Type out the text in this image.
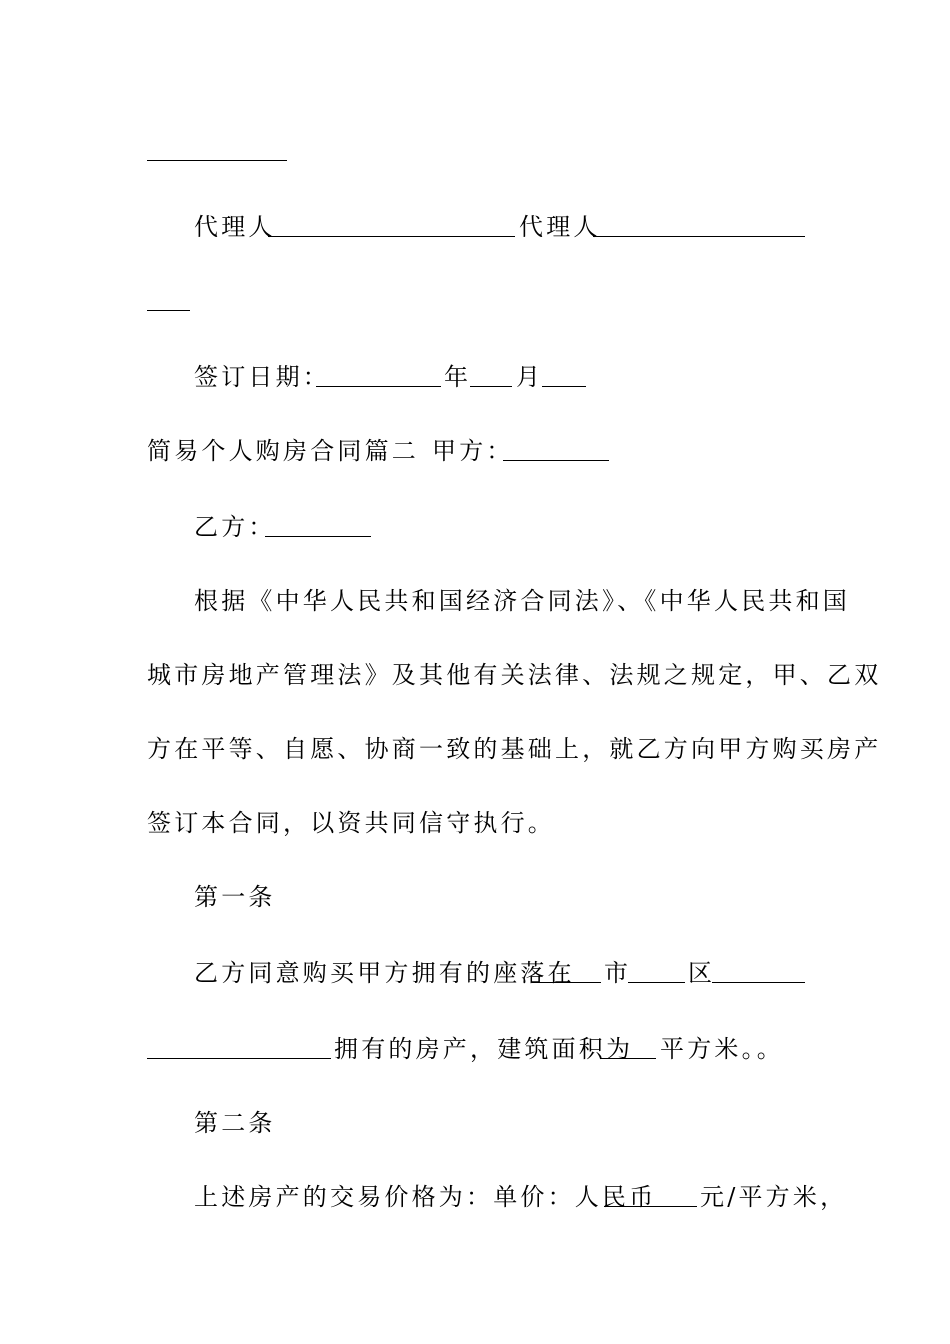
代理人	代理人
签订日期：	年 月
简易个人购房合同篇二 甲方：
乙方：
根据《中华人民共和国经济合同法》、《中华人民共和国
城市房地产管理法》及其他有关法律、法规之规定，甲、乙双
方在平等、自愿、协商一致的基础上，就乙方向甲方购买房产
签订本合同，以资共同信守执行。
第一条
乙方同意购买甲方拥有的座落在 市 区
拥有的房产，建筑面积为 平方米。。
第二条
上述房产的交易价格为：单价：人民币 元/平方米，
